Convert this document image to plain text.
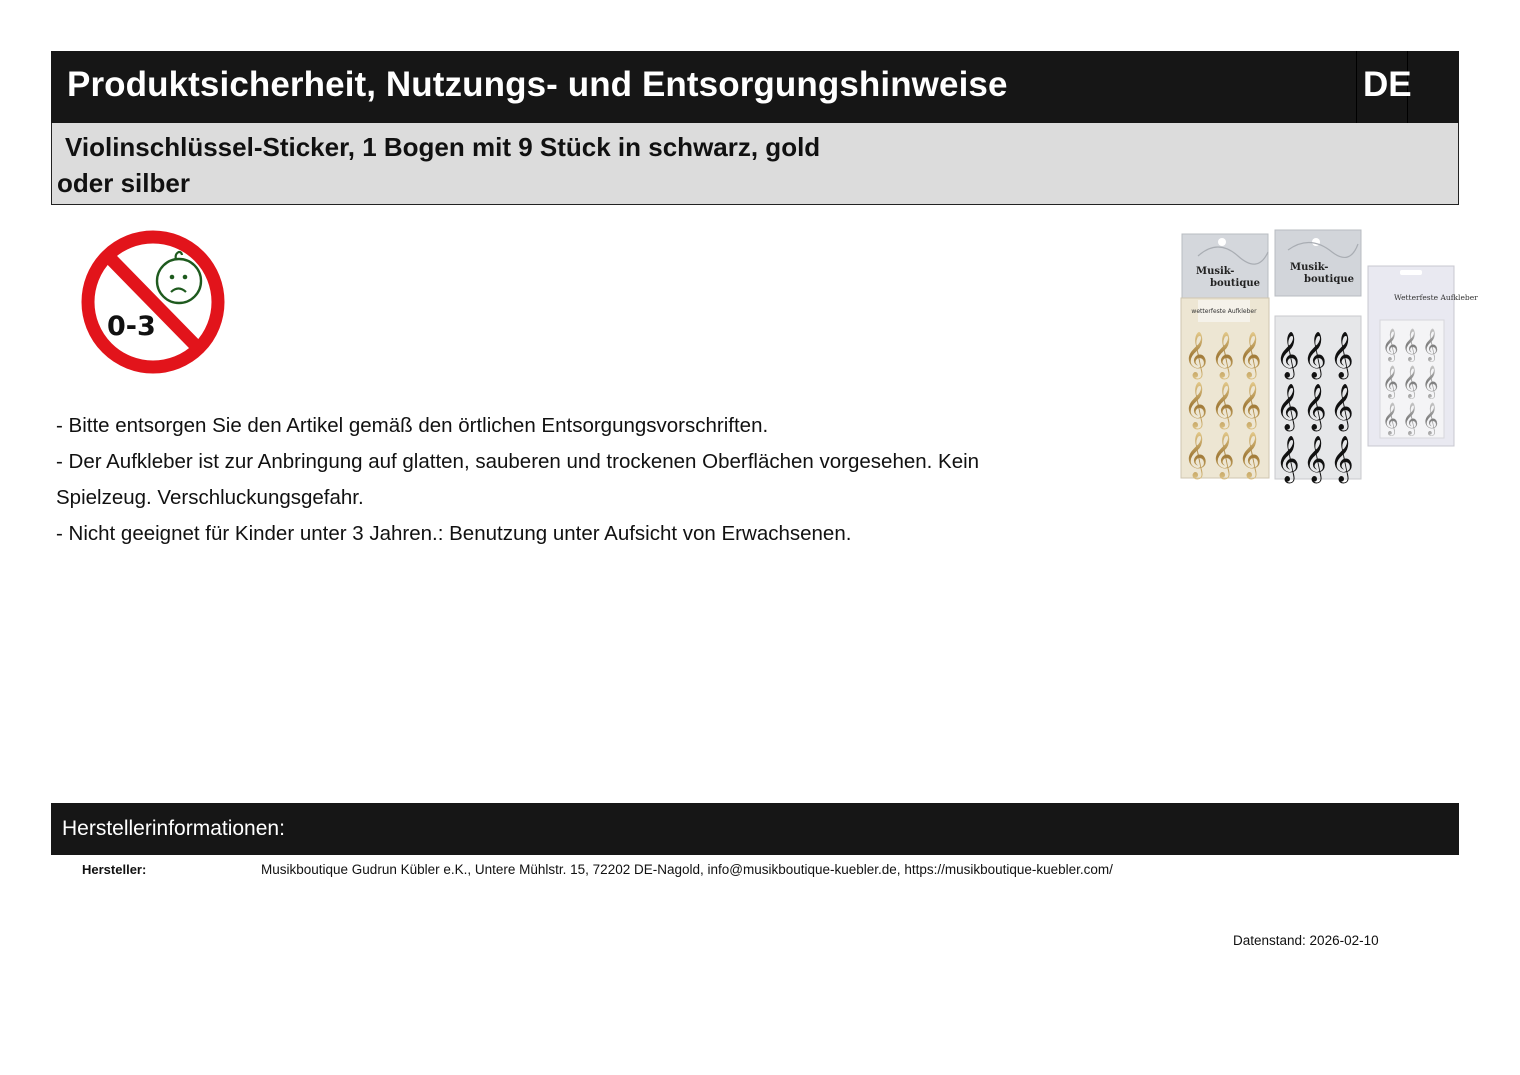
Produktsicherheit, Nutzungs- und Entsorgungshinweise	DE
Violinschlüssel-Sticker, 1 Bogen mit 9 Stück in schwarz, gold
oder silber
0-3

- Bitte entsorgen Sie den Artikel gemäß den örtlichen Entsorgungsvorschriften.

- Der Aufkleber ist zur Anbringung auf glatten, sauberen und trockenen Oberflächen vorgesehen. Kein

Spielzeug. Verschluckungsgefahr.

- Nicht geeignet für Kinder unter 3 Jahren.: Benutzung unter Aufsicht von Erwachsenen.

Musik-
boutique
wetterfeste Aufkleber
𝄞 𝄞 𝄞
𝄞 𝄞 𝄞
𝄞 𝄞 𝄞
Musik-
boutique
𝄞 𝄞 𝄞
𝄞 𝄞 𝄞
𝄞 𝄞 𝄞
Wetterfeste Aufkleber
𝄞 𝄞 𝄞
𝄞 𝄞 𝄞
𝄞 𝄞 𝄞
Herstellerinformationen:
Hersteller:	Musikboutique Gudrun Kübler e.K., Untere Mühlstr. 15, 72202 DE-Nagold, info@musikboutique-kuebler.de, https://musikboutique-kuebler.com/
Datenstand: 2026-02-10
